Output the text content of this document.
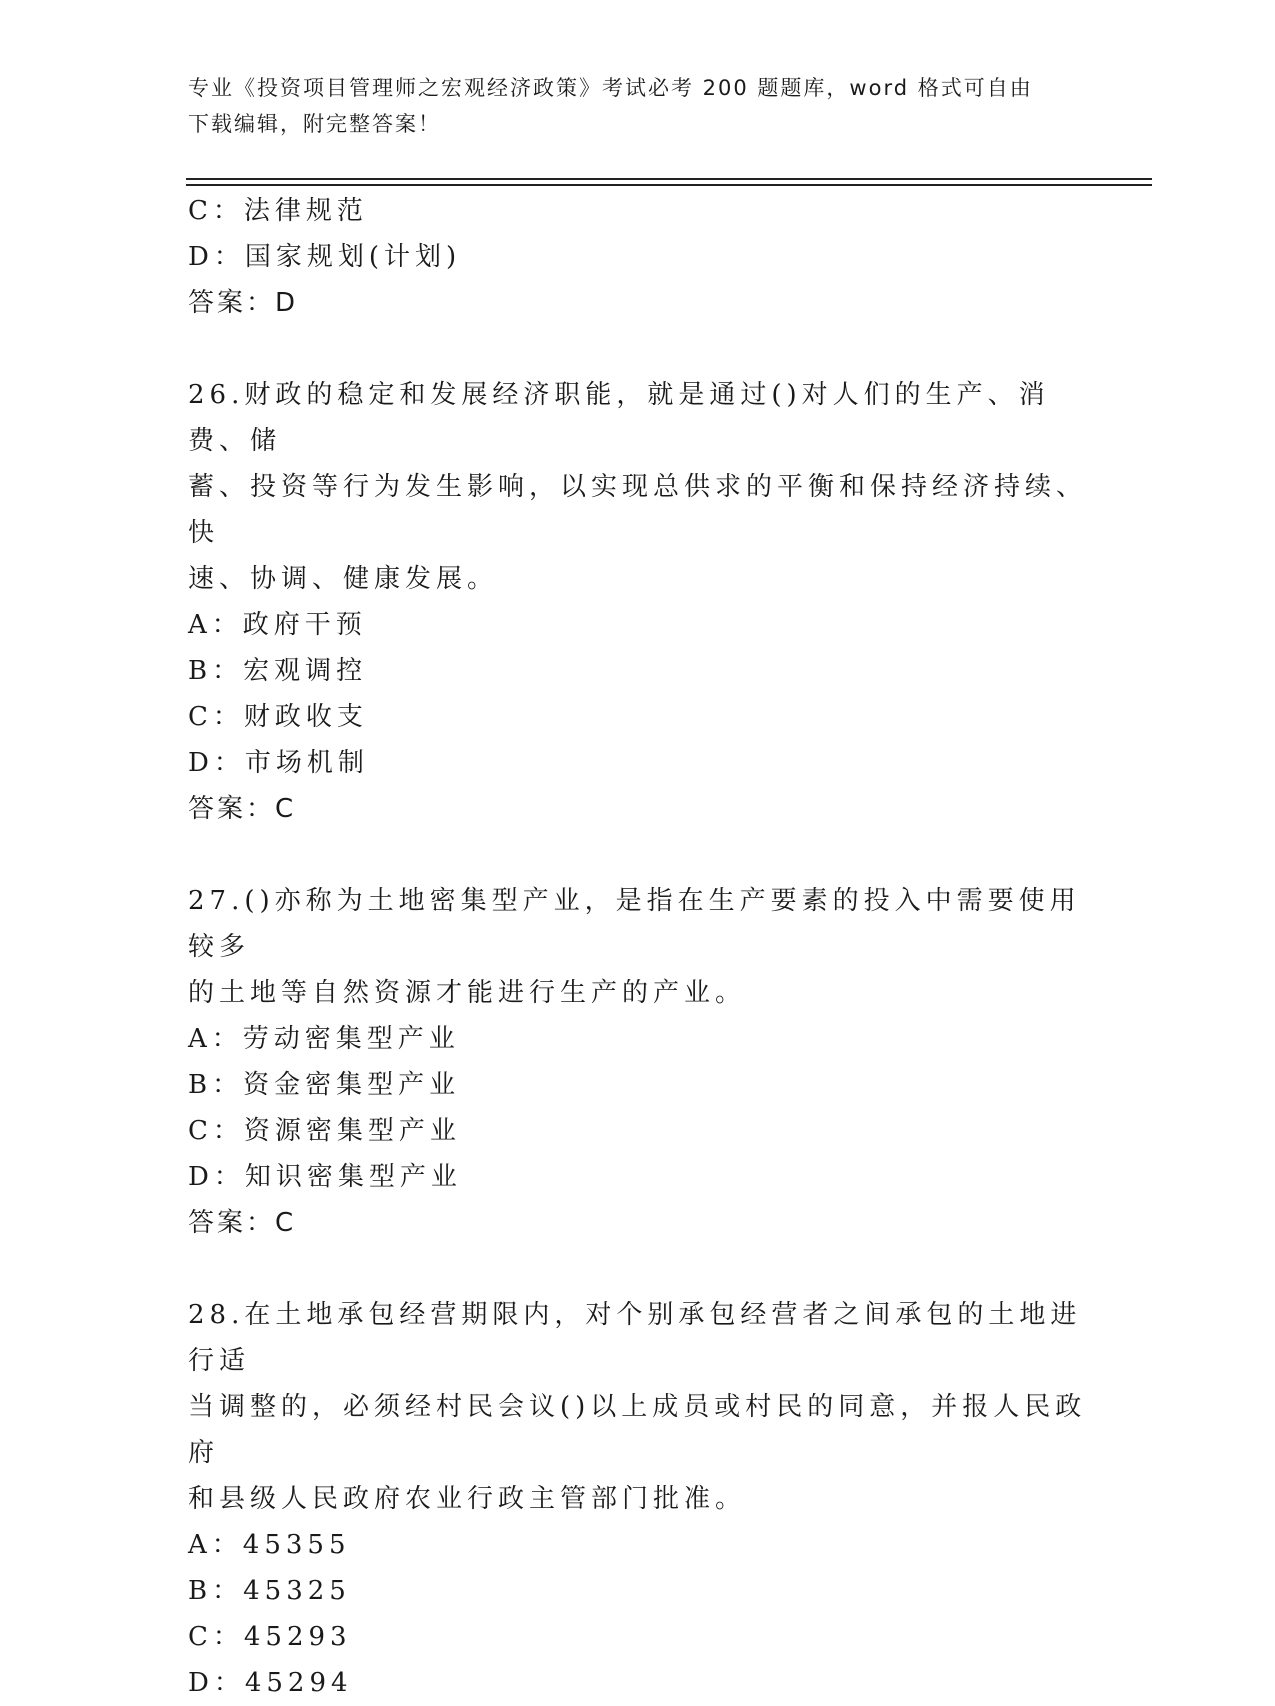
专业《投资项目管理师之宏观经济政策》考试必考 200 题题库，word 格式可自由
下载编辑，附完整答案！
C：法律规范
D：国家规划(计划)
答案：D
26.财政的稳定和发展经济职能，就是通过()对人们的生产、消费、储
蓄、投资等行为发生影响，以实现总供求的平衡和保持经济持续、快
速、协调、健康发展。
A：政府干预
B：宏观调控
C：财政收支
D：市场机制
答案：C
27.()亦称为土地密集型产业，是指在生产要素的投入中需要使用较多
的土地等自然资源才能进行生产的产业。
A：劳动密集型产业
B：资金密集型产业
C：资源密集型产业
D：知识密集型产业
答案：C
28.在土地承包经营期限内，对个别承包经营者之间承包的土地进行适
当调整的，必须经村民会议()以上成员或村民的同意，并报人民政府
和县级人民政府农业行政主管部门批准。
A：45355
B：45325
C：45293
D：45294
